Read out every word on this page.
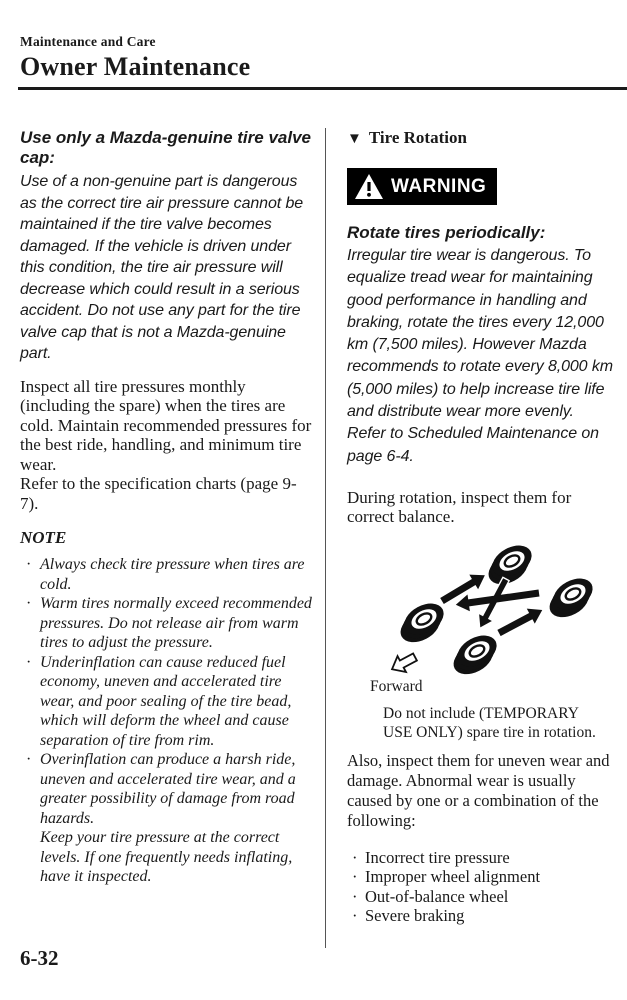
Maintenance and Care
Owner Maintenance
Use only a Mazda-genuine tire valve cap:
Use of a non-genuine part is dangerous as the correct tire air pressure cannot be maintained if the tire valve becomes damaged. If the vehicle is driven under this condition, the tire air pressure will decrease which could result in a serious accident. Do not use any part for the tire valve cap that is not a Mazda-genuine part.
Inspect all tire pressures monthly (including the spare) when the tires are cold. Maintain recommended pressures for the best ride, handling, and minimum tire wear.
Refer to the specification charts (page 9-7).
NOTE
· Always check tire pressure when tires are cold.
· Warm tires normally exceed recommended pressures. Do not release air from warm tires to adjust the pressure.
· Underinflation can cause reduced fuel economy, uneven and accelerated tire wear, and poor sealing of the tire bead, which will deform the wheel and cause separation of tire from rim.
· Overinflation can produce a harsh ride, uneven and accelerated tire wear, and a greater possibility of damage from road hazards.
Keep your tire pressure at the correct levels. If one frequently needs inflating, have it inspected.
▼ Tire Rotation
WARNING
Rotate tires periodically:
Irregular tire wear is dangerous. To equalize tread wear for maintaining good performance in handling and braking, rotate the tires every 12,000 km (7,500 miles). However Mazda recommends to rotate every 8,000 km (5,000 miles) to help increase tire life and distribute wear more evenly.
Refer to Scheduled Maintenance on page 6-4.
During rotation, inspect them for correct balance.
Forward
Do not include (TEMPORARY USE ONLY) spare tire in rotation.
Also, inspect them for uneven wear and damage. Abnormal wear is usually caused by one or a combination of the following:
· Incorrect tire pressure
· Improper wheel alignment
· Out-of-balance wheel
· Severe braking
6-32
